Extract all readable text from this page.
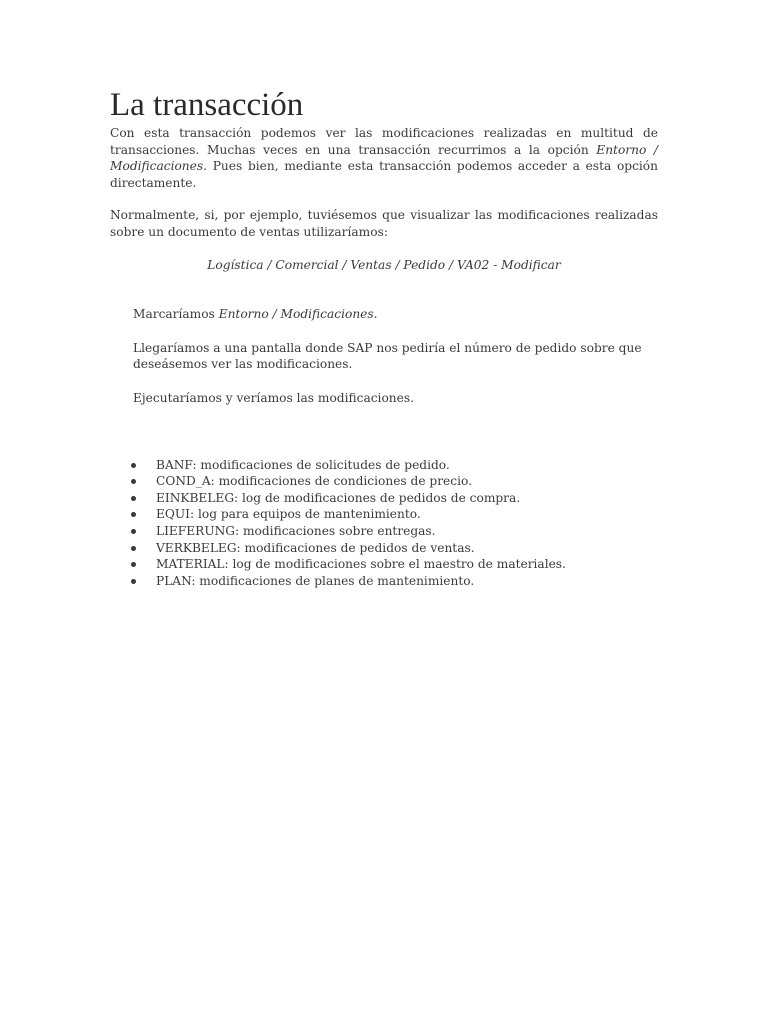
La transacción

Con esta transacción podemos ver las modificaciones realizadas en multitud de transacciones. Muchas veces en una transacción recurrimos a la opción Entorno / Modificaciones. Pues bien, mediante esta transacción podemos acceder a esta opción directamente.

Normalmente, si, por ejemplo, tuviésemos que visualizar las modificaciones realizadas sobre un documento de ventas utilizaríamos:

Logística / Comercial / Ventas / Pedido / VA02 - Modificar

Marcaríamos Entorno / Modificaciones.

Llegaríamos a una pantalla donde SAP nos pediría el número de pedido sobre que deseásemos ver las modificaciones.

Ejecutaríamos y veríamos las modificaciones.

BANF: modificaciones de solicitudes de pedido.
COND_A: modificaciones de condiciones de precio.
EINKBELEG: log de modificaciones de pedidos de compra.
EQUI: log para equipos de mantenimiento.
LIEFERUNG: modificaciones sobre entregas.
VERKBELEG: modificaciones de pedidos de ventas.
MATERIAL: log de modificaciones sobre el maestro de materiales.
PLAN: modificaciones de planes de mantenimiento.
